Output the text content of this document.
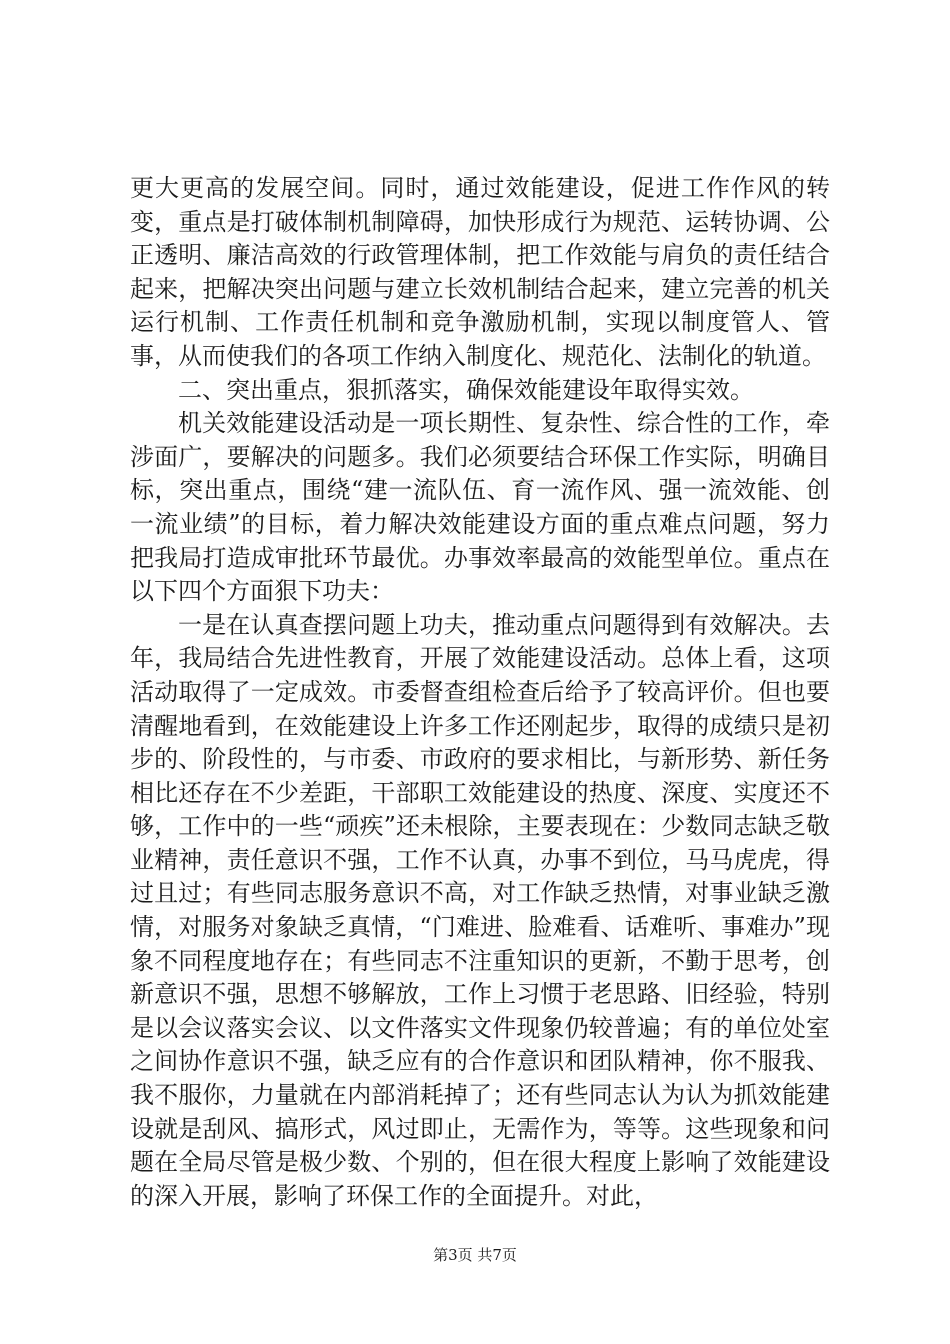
更大更高的发展空间。同时，通过效能建设，促进工作作风的转变，重点是打破体制机制障碍，加快形成行为规范、运转协调、公正透明、廉洁高效的行政管理体制，把工作效能与肩负的责任结合起来，把解决突出问题与建立长效机制结合起来，建立完善的机关运行机制、工作责任机制和竞争激励机制，实现以制度管人、管事，从而使我们的各项工作纳入制度化、规范化、法制化的轨道。

二、突出重点，狠抓落实，确保效能建设年取得实效。

机关效能建设活动是一项长期性、复杂性、综合性的工作，牵涉面广，要解决的问题多。我们必须要结合环保工作实际，明确目标，突出重点，围绕“建一流队伍、育一流作风、强一流效能、创一流业绩”的目标，着力解决效能建设方面的重点难点问题，努力把我局打造成审批环节最优。办事效率最高的效能型单位。重点在以下四个方面狠下功夫：

一是在认真查摆问题上功夫，推动重点问题得到有效解决。去年，我局结合先进性教育，开展了效能建设活动。总体上看，这项活动取得了一定成效。市委督查组检查后给予了较高评价。但也要清醒地看到，在效能建设上许多工作还刚起步，取得的成绩只是初步的、阶段性的，与市委、市政府的要求相比，与新形势、新任务相比还存在不少差距，干部职工效能建设的热度、深度、实度还不够，工作中的一些“顽疾”还未根除，主要表现在：少数同志缺乏敬业精神，责任意识不强，工作不认真，办事不到位，马马虎虎，得过且过；有些同志服务意识不高，对工作缺乏热情，对事业缺乏激情，对服务对象缺乏真情，“门难进、脸难看、话难听、事难办”现象不同程度地存在；有些同志不注重知识的更新，不勤于思考，创新意识不强，思想不够解放，工作上习惯于老思路、旧经验，特别是以会议落实会议、以文件落实文件现象仍较普遍；有的单位处室之间协作意识不强，缺乏应有的合作意识和团队精神，你不服我、我不服你，力量就在内部消耗掉了；还有些同志认为认为抓效能建设就是刮风、搞形式，风过即止，无需作为，等等。这些现象和问题在全局尽管是极少数、个别的，但在很大程度上影响了效能建设的深入开展，影响了环保工作的全面提升。对此，

第3页 共7页
